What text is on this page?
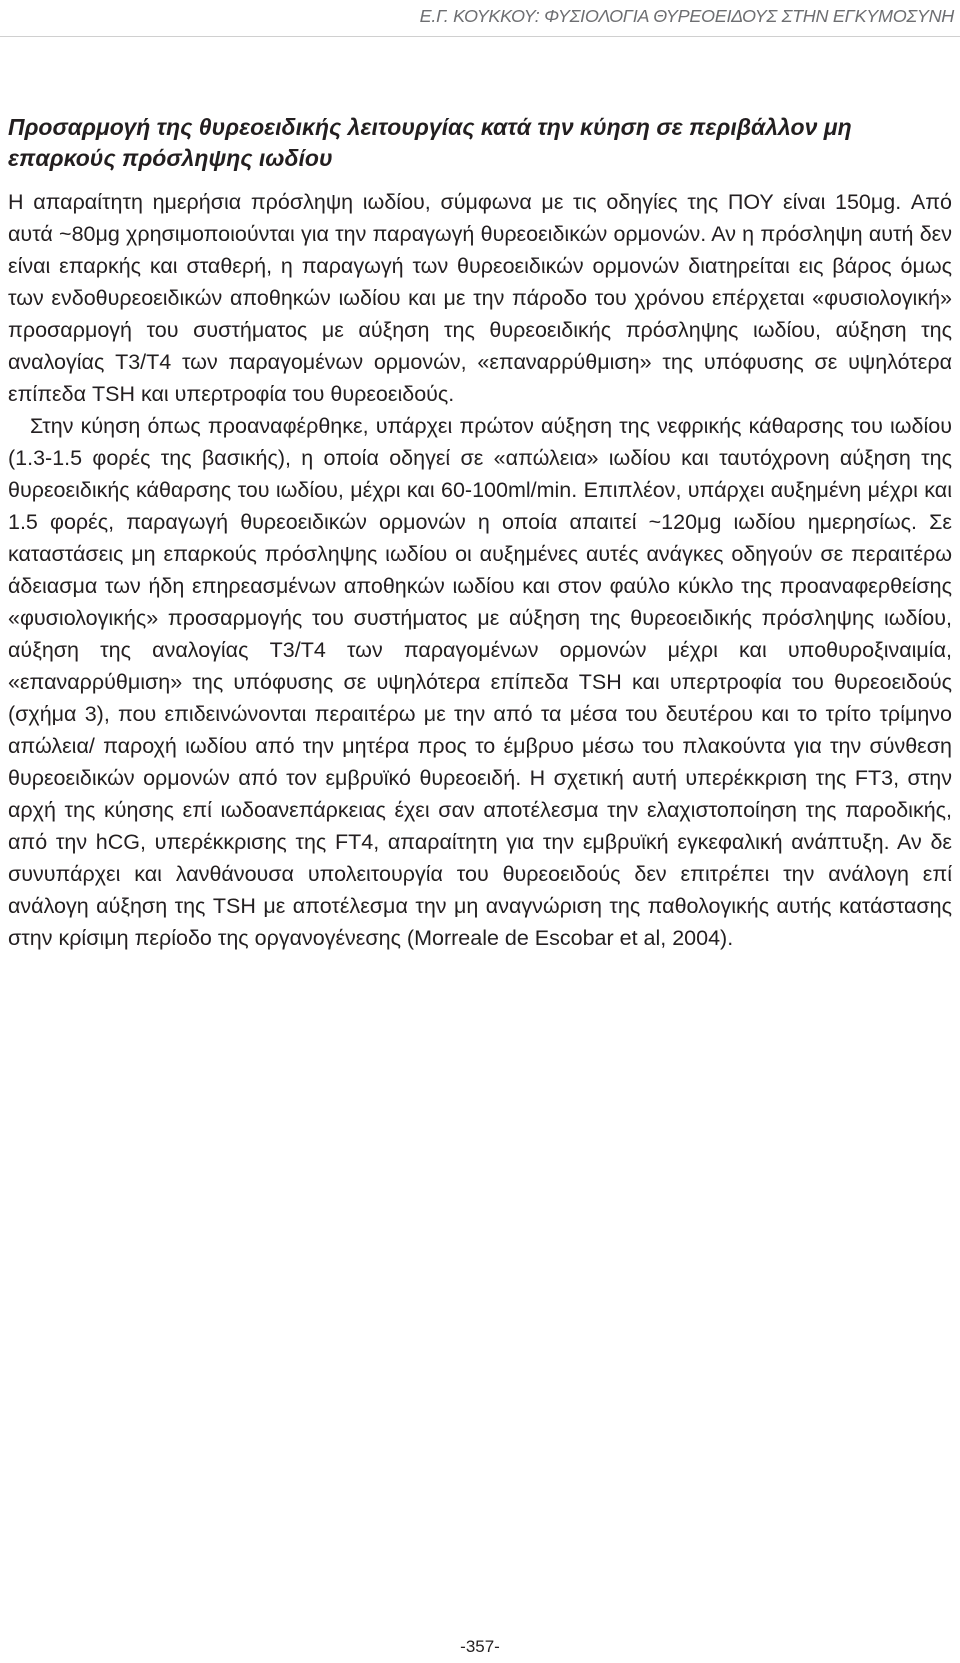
Ε.Γ. ΚΟΥΚΚΟΥ: ΦΥΣΙΟΛΟΓΙΑ ΘΥΡΕΟΕΙΔΟΥΣ ΣΤΗΝ ΕΓΚΥΜΟΣΥΝΗ
Προσαρμογή της θυρεοειδικής λειτουργίας κατά την κύηση σε περιβάλλον μη επαρκούς πρόσληψης ιωδίου

Η απαραίτητη ημερήσια πρόσληψη ιωδίου, σύμφωνα με τις οδηγίες της ΠΟΥ είναι 150μg. Από αυτά ~80μg χρησιμοποιούνται για την παραγωγή θυρεοειδικών ορμονών. Αν η πρόσληψη αυτή δεν είναι επαρκής και σταθερή, η παραγωγή των θυρεοειδικών ορμονών διατηρείται εις βάρος όμως των ενδοθυρεοειδικών αποθηκών ιωδίου και με την πάροδο του χρόνου επέρχεται «φυσιολογική» προσαρμογή του συστήματος με αύξηση της θυρεοειδικής πρόσληψης ιωδίου, αύξηση της αναλογίας T3/T4 των παραγομένων ορμονών, «επαναρρύθμιση» της υπόφυσης σε υψηλότερα επίπεδα TSH και υπερτροφία του θυρεοειδούς.

Στην κύηση όπως προαναφέρθηκε, υπάρχει πρώτον αύξηση της νεφρικής κάθαρσης του ιωδίου (1.3-1.5 φορές της βασικής), η οποία οδηγεί σε «απώλεια» ιωδίου και ταυτόχρονη αύξηση της θυρεοειδικής κάθαρσης του ιωδίου, μέχρι και 60-100ml/min. Επιπλέον, υπάρχει αυξημένη μέχρι και 1.5 φορές, παραγωγή θυρεοειδικών ορμονών η οποία απαιτεί ~120μg ιωδίου ημερησίως. Σε καταστάσεις μη επαρκούς πρόσληψης ιωδίου οι αυξημένες αυτές ανάγκες οδηγούν σε περαιτέρω άδειασμα των ήδη επηρεασμένων αποθηκών ιωδίου και στον φαύλο κύκλο της προαναφερθείσης «φυσιολογικής» προσαρμογής του συστήματος με αύξηση της θυρεοειδικής πρόσληψης ιωδίου, αύξηση της αναλογίας T3/T4 των παραγομένων ορμονών μέχρι και υποθυροξιναιμία, «επαναρρύθμιση» της υπόφυσης σε υψηλότερα επίπεδα TSH και υπερτροφία του θυρεοειδούς (σχήμα 3), που επιδεινώνονται περαιτέρω με την από τα μέσα του δευτέρου και το τρίτο τρίμηνο απώλεια/ παροχή ιωδίου από την μητέρα προς το έμβρυο μέσω του πλακούντα για την σύνθεση θυρεοειδικών ορμονών από τον εμβρυϊκό θυρεοειδή. Η σχετική αυτή υπερέκκριση της FT3, στην αρχή της κύησης επί ιωδοανεπάρκειας έχει σαν αποτέλεσμα την ελαχιστοποίηση της παροδικής, από την hCG, υπερέκκρισης της FT4, απαραίτητη για την εμβρυϊκή εγκεφαλική ανάπτυξη. Αν δε συνυπάρχει και λανθάνουσα υπολειτουργία του θυρεοειδούς δεν επιτρέπει την ανάλογη επί ανάλογη αύξηση της TSH με αποτέλεσμα την μη αναγνώριση της παθολογικής αυτής κατάστασης στην κρίσιμη περίοδο της οργανογένεσης (Morreale de Escobar et al, 2004).

-357-
